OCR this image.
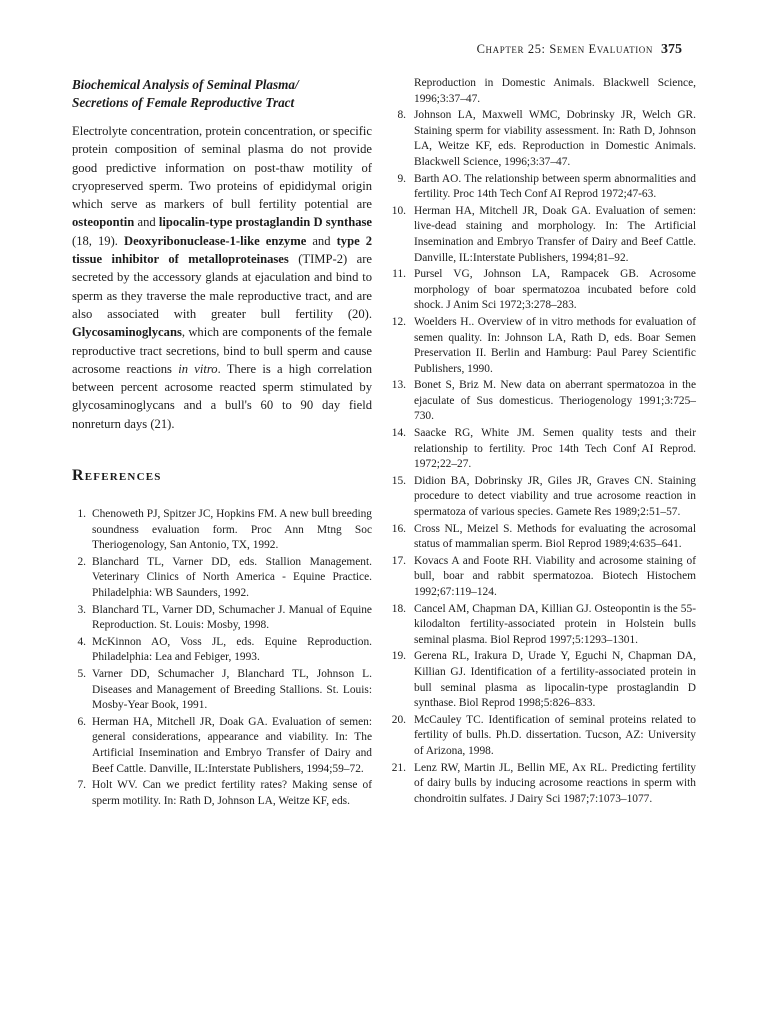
Chapter 25: Semen Evaluation 375
Biochemical Analysis of Seminal Plasma/
Secretions of Female Reproductive Tract

Electrolyte concentration, protein concentration, or specific protein composition of seminal plasma do not provide good predictive information on post-thaw motility of cryopreserved sperm. Two proteins of epididymal origin which serve as markers of bull fertility potential are osteopontin and lipocalin-type prostaglandin D synthase (18, 19). Deoxyribonuclease-1-like enzyme and type 2 tissue inhibitor of metalloproteinases (TIMP-2) are secreted by the accessory glands at ejaculation and bind to sperm as they traverse the male reproductive tract, and are also associated with greater bull fertility (20). Glycosaminoglycans, which are components of the female reproductive tract secretions, bind to bull sperm and cause acrosome reactions in vitro. There is a high correlation between percent acrosome reacted sperm stimulated by glycosaminoglycans and a bull's 60 to 90 day field nonreturn days (21).

References
1. Chenoweth PJ, Spitzer JC, Hopkins FM. A new bull breeding soundness evaluation form. Proc Ann Mtng Soc Theriogenology, San Antonio, TX, 1992.
2. Blanchard TL, Varner DD, eds. Stallion Management. Veterinary Clinics of North America - Equine Practice. Philadelphia: WB Saunders, 1992.
3. Blanchard TL, Varner DD, Schumacher J. Manual of Equine Reproduction. St. Louis: Mosby, 1998.
4. McKinnon AO, Voss JL, eds. Equine Reproduction. Philadelphia: Lea and Febiger, 1993.
5. Varner DD, Schumacher J, Blanchard TL, Johnson L. Diseases and Management of Breeding Stallions. St. Louis: Mosby-Year Book, 1991.
6. Herman HA, Mitchell JR, Doak GA. Evaluation of semen: general considerations, appearance and viability. In: The Artificial Insemination and Embryo Transfer of Dairy and Beef Cattle. Danville, IL:Interstate Publishers, 1994;59–72.
7. Holt WV. Can we predict fertility rates? Making sense of sperm motility. In: Rath D, Johnson LA, Weitze KF, eds.
Reproduction in Domestic Animals. Blackwell Science, 1996;3:37–47.
8. Johnson LA, Maxwell WMC, Dobrinsky JR, Welch GR. Staining sperm for viability assessment. In: Rath D, Johnson LA, Weitze KF, eds. Reproduction in Domestic Animals. Blackwell Science, 1996;3:37–47.
9. Barth AO. The relationship between sperm abnormalities and fertility. Proc 14th Tech Conf AI Reprod 1972;47-63.
10. Herman HA, Mitchell JR, Doak GA. Evaluation of semen: live-dead staining and morphology. In: The Artificial Insemination and Embryo Transfer of Dairy and Beef Cattle. Danville, IL:Interstate Publishers, 1994;81–92.
11. Pursel VG, Johnson LA, Rampacek GB. Acrosome morphology of boar spermatozoa incubated before cold shock. J Anim Sci 1972;3:278–283.
12. Woelders H.. Overview of in vitro methods for evaluation of semen quality. In: Johnson LA, Rath D, eds. Boar Semen Preservation II. Berlin and Hamburg: Paul Parey Scientific Publishers, 1990.
13. Bonet S, Briz M. New data on aberrant spermatozoa in the ejaculate of Sus domesticus. Theriogenology 1991;3:725–730.
14. Saacke RG, White JM. Semen quality tests and their relationship to fertility. Proc 14th Tech Conf AI Reprod. 1972;22–27.
15. Didion BA, Dobrinsky JR, Giles JR, Graves CN. Staining procedure to detect viability and true acrosome reaction in spermatoza of various species. Gamete Res 1989;2:51–57.
16. Cross NL, Meizel S. Methods for evaluating the acrosomal status of mammalian sperm. Biol Reprod 1989;4:635–641.
17. Kovacs A and Foote RH. Viability and acrosome staining of bull, boar and rabbit spermatozoa. Biotech Histochem 1992;67:119–124.
18. Cancel AM, Chapman DA, Killian GJ. Osteopontin is the 55-kilodalton fertility-associated protein in Holstein bulls seminal plasma. Biol Reprod 1997;5:1293–1301.
19. Gerena RL, Irakura D, Urade Y, Eguchi N, Chapman DA, Killian GJ. Identification of a fertility-associated protein in bull seminal plasma as lipocalin-type prostaglandin D synthase. Biol Reprod 1998;5:826–833.
20. McCauley TC. Identification of seminal proteins related to fertility of bulls. Ph.D. dissertation. Tucson, AZ: University of Arizona, 1998.
21. Lenz RW, Martin JL, Bellin ME, Ax RL. Predicting fertility of dairy bulls by inducing acrosome reactions in sperm with chondroitin sulfates. J Dairy Sci 1987;7:1073–1077.
